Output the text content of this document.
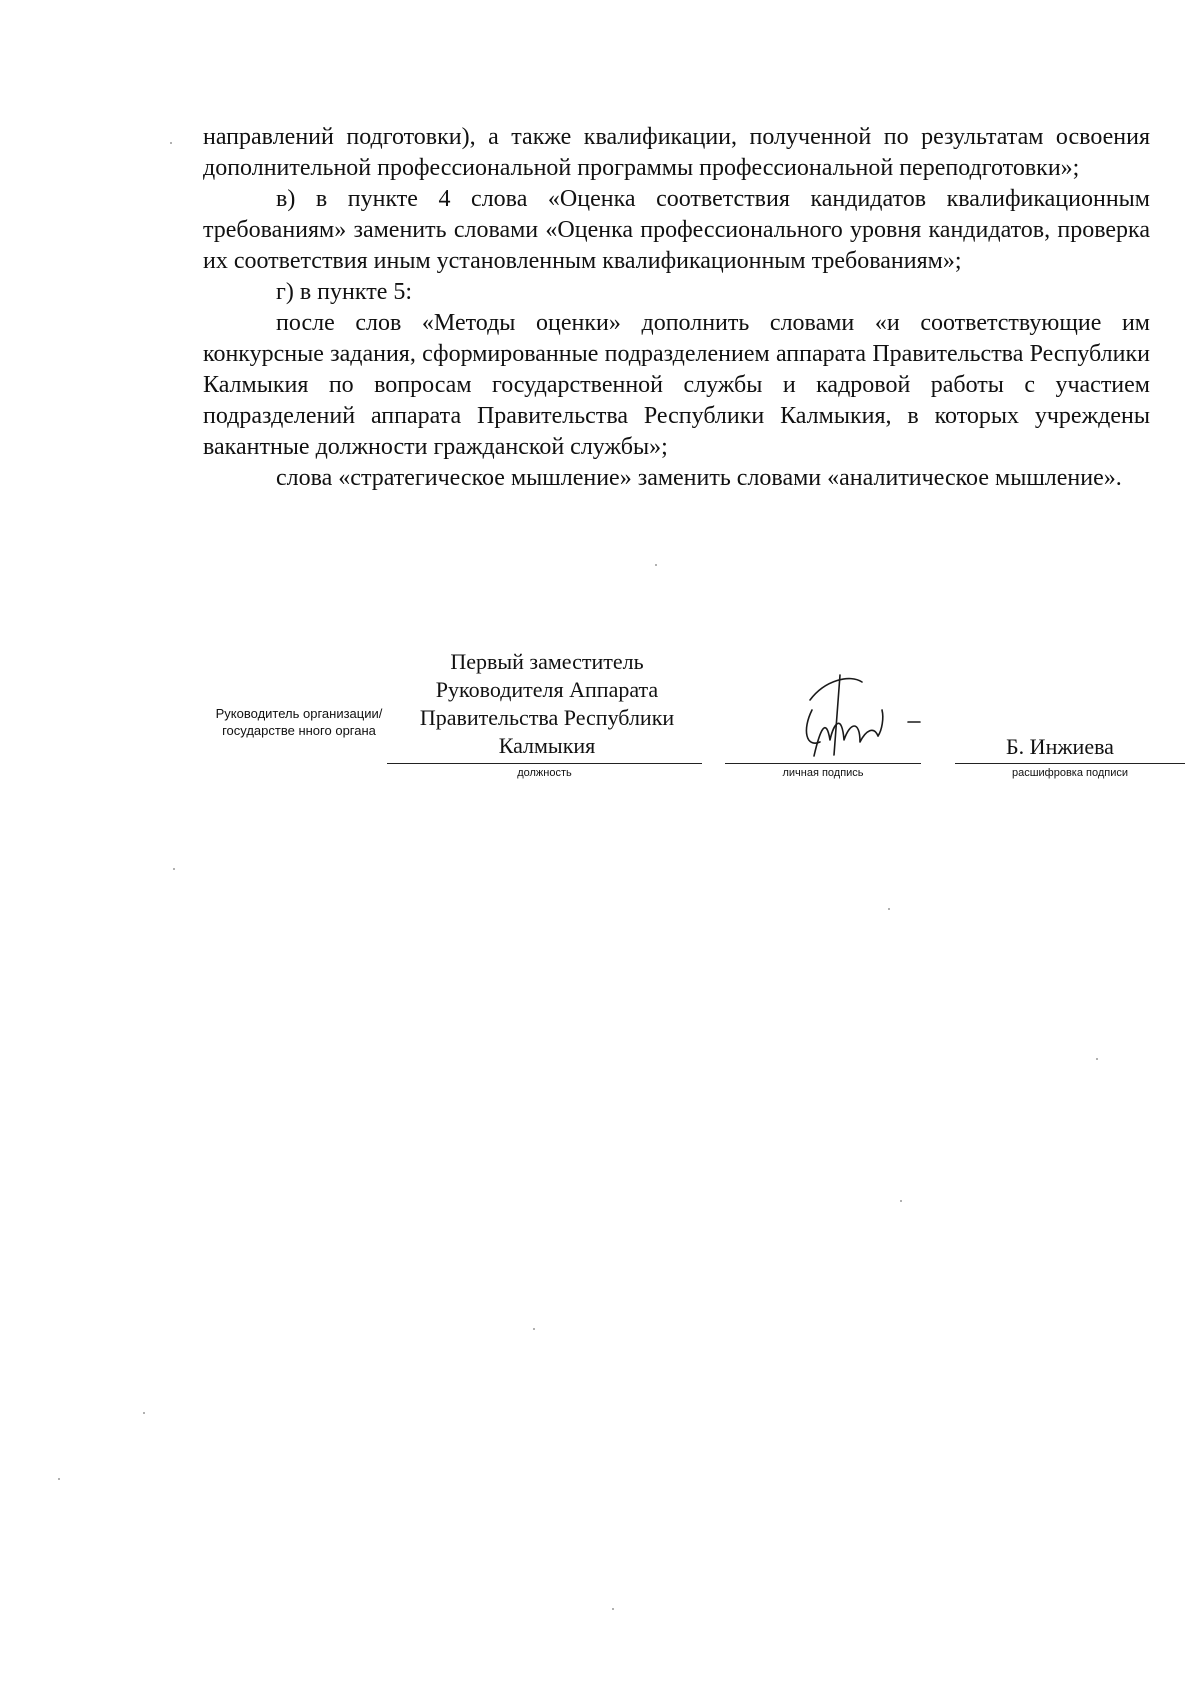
направлений подготовки), а также квалификации, полученной по результатам освоения дополнительной профессиональной программы профессиональной переподготовки»;

в) в пункте 4 слова «Оценка соответствия кандидатов квалификационным требованиям» заменить словами «Оценка профессионального уровня кандидатов, проверка их соответствия иным установленным квалификационным требованиям»;

г) в пункте 5:

после слов «Методы оценки» дополнить словами «и соответствующие им конкурсные задания, сформированные подразделением аппарата Правительства Республики Калмыкия по вопросам государственной службы и кадровой работы с участием подразделений аппарата Правительства Республики Калмыкия, в которых учреждены вакантные должности гражданской службы»;

слова «стратегическое мышление» заменить словами «аналитическое мышление».

Руководитель организации/государстве нного органа
Первый заместитель Руководителя Аппарата Правительства Республики Калмыкия
должность	личная подпись
Б. Инжиева
расшифровка подписи
